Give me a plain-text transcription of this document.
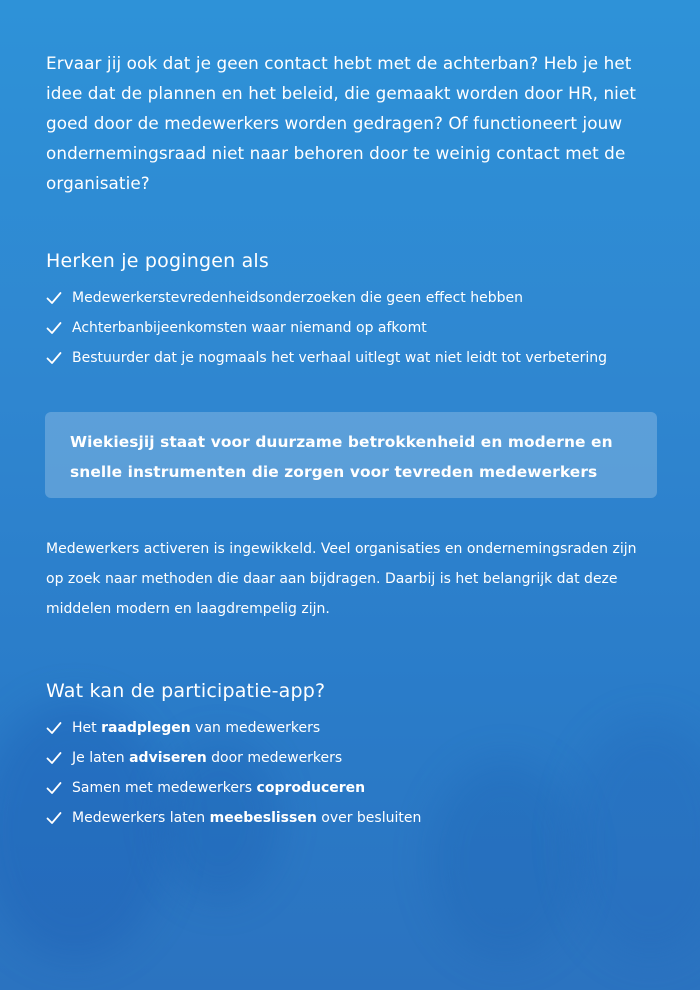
Ervaar jij ook dat je geen contact hebt met de achterban? Heb je het idee dat de plannen en het beleid, die gemaakt worden door HR, niet goed door de medewerkers worden gedragen? Of functioneert jouw ondernemingsraad niet naar behoren door te weinig contact met de organisatie?

Herken je pogingen als
Medewerkerstevredenheidsonderzoeken die geen effect hebben
Achterbanbijeenkomsten waar niemand op afkomt
Bestuurder dat je nogmaals het verhaal uitlegt wat niet leidt tot verbetering

Wiekiesjij staat voor duurzame betrokkenheid en moderne en snelle instrumenten die zorgen voor tevreden medewerkers

Medewerkers activeren is ingewikkeld. Veel organisaties en ondernemingsraden zijn op zoek naar methoden die daar aan bijdragen. Daarbij is het belangrijk dat deze middelen modern en laagdrempelig zijn.

Wat kan de participatie-app?
Het raadplegen van medewerkers
Je laten adviseren door medewerkers
Samen met medewerkers coproduceren
Medewerkers laten meebeslissen over besluiten
